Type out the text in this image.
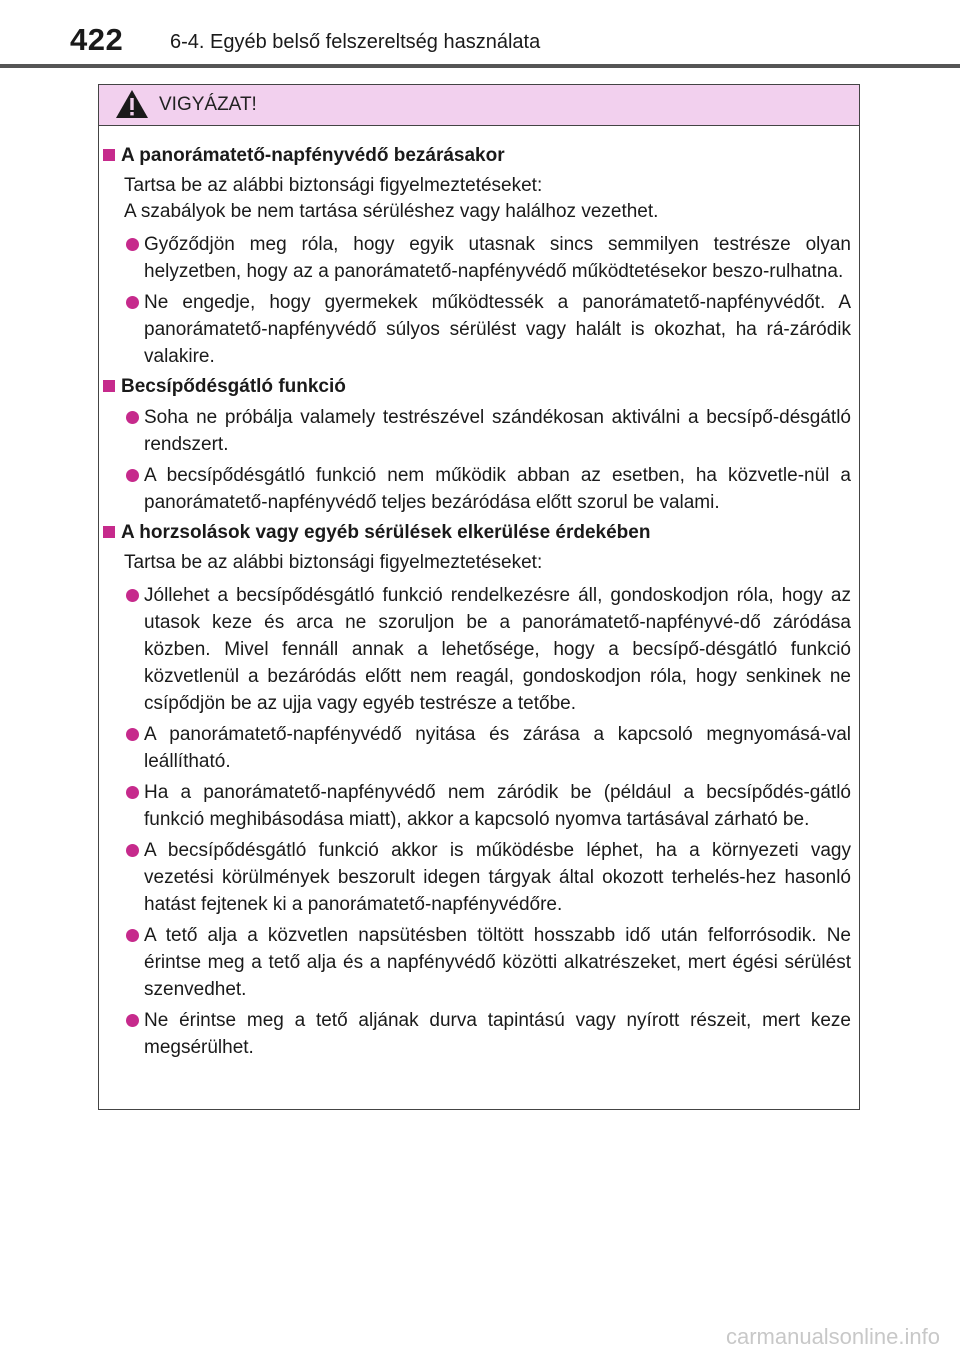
422 6-4. Egyéb belső felszereltség használata
VIGYÁZAT!
A panorámatető-napfényvédő bezárásakor
Tartsa be az alábbi biztonsági figyelmeztetéseket:
A szabályok be nem tartása sérüléshez vagy halálhoz vezethet.
Győződjön meg róla, hogy egyik utasnak sincs semmilyen testrésze olyan helyzetben, hogy az a panorámatető-napfényvédő működtetésekor beszo-rulhatna.
Ne engedje, hogy gyermekek működtessék a panorámatető-napfényvédőt. A panorámatető-napfényvédő súlyos sérülést vagy halált is okozhat, ha rá-záródik valakire.
Becsípődésgátló funkció
Soha ne próbálja valamely testrészével szándékosan aktiválni a becsípő-désgátló rendszert.
A becsípődésgátló funkció nem működik abban az esetben, ha közvetle-nül a panorámatető-napfényvédő teljes bezáródása előtt szorul be valami.
A horzsolások vagy egyéb sérülések elkerülése érdekében
Tartsa be az alábbi biztonsági figyelmeztetéseket:
Jóllehet a becsípődésgátló funkció rendelkezésre áll, gondoskodjon róla, hogy az utasok keze és arca ne szoruljon be a panorámatető-napfényvé-dő záródása közben. Mivel fennáll annak a lehetősége, hogy a becsípő-désgátló funkció közvetlenül a bezáródás előtt nem reagál, gondoskodjon róla, hogy senkinek ne csípődjön be az ujja vagy egyéb testrésze a tetőbe.
A panorámatető-napfényvédő nyitása és zárása a kapcsoló megnyomásá-val leállítható.
Ha a panorámatető-napfényvédő nem záródik be (például a becsípődés-gátló funkció meghibásodása miatt), akkor a kapcsoló nyomva tartásával zárható be.
A becsípődésgátló funkció akkor is működésbe léphet, ha a környezeti vagy vezetési körülmények beszorult idegen tárgyak által okozott terhelés-hez hasonló hatást fejtenek ki a panorámatető-napfényvédőre.
A tető alja a közvetlen napsütésben töltött hosszabb idő után felforrósodik. Ne érintse meg a tető alja és a napfényvédő közötti alkatrészeket, mert égési sérülést szenvedhet.
Ne érintse meg a tető aljának durva tapintású vagy nyírott részeit, mert keze megsérülhet.
carmanualsonline.info
